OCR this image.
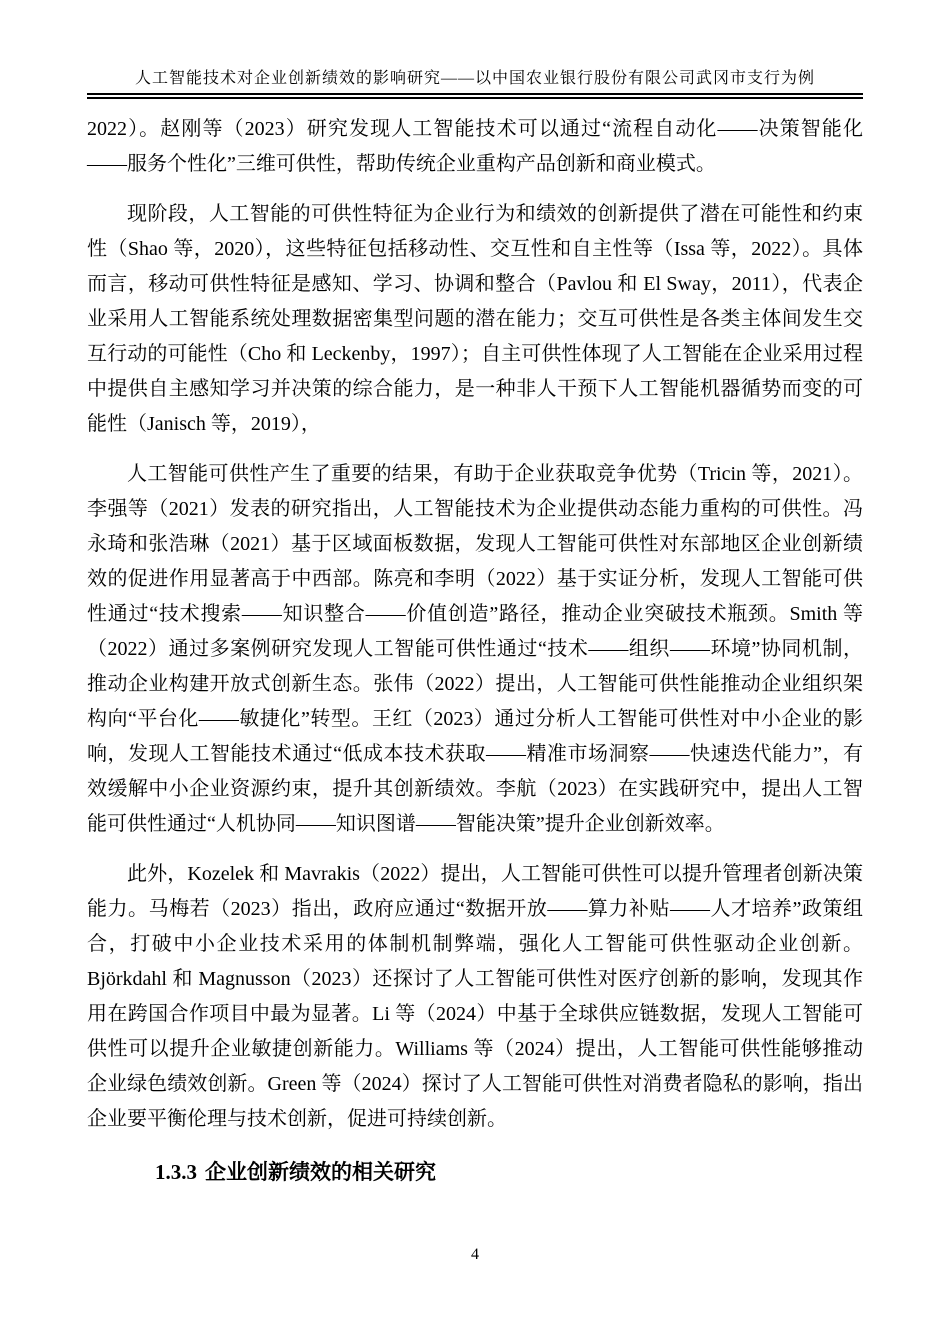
人工智能技术对企业创新绩效的影响研究——以中国农业银行股份有限公司武冈市支行为例

2022）。赵刚等（2023）研究发现人工智能技术可以通过“流程自动化——决策智能化——服务个性化”三维可供性，帮助传统企业重构产品创新和商业模式。

现阶段，人工智能的可供性特征为企业行为和绩效的创新提供了潜在可能性和约束性（Shao 等，2020），这些特征包括移动性、交互性和自主性等（Issa 等，2022）。具体而言，移动可供性特征是感知、学习、协调和整合（Pavlou 和 El Sway，2011），代表企业采用人工智能系统处理数据密集型问题的潜在能力；交互可供性是各类主体间发生交互行动的可能性（Cho 和 Leckenby，1997）；自主可供性体现了人工智能在企业采用过程中提供自主感知学习并决策的综合能力，是一种非人干预下人工智能机器循势而变的可能性（Janisch 等，2019），

人工智能可供性产生了重要的结果，有助于企业获取竞争优势（Tricin 等，2021）。李强等（2021）发表的研究指出，人工智能技术为企业提供动态能力重构的可供性。冯永琦和张浩琳（2021）基于区域面板数据，发现人工智能可供性对东部地区企业创新绩效的促进作用显著高于中西部。陈亮和李明（2022）基于实证分析，发现人工智能可供性通过“技术搜索——知识整合——价值创造”路径，推动企业突破技术瓶颈。Smith 等（2022）通过多案例研究发现人工智能可供性通过“技术——组织——环境”协同机制，推动企业构建开放式创新生态。张伟（2022）提出，人工智能可供性能推动企业组织架构向“平台化——敏捷化”转型。王红（2023）通过分析人工智能可供性对中小企业的影响，发现人工智能技术通过“低成本技术获取——精准市场洞察——快速迭代能力”，有效缓解中小企业资源约束，提升其创新绩效。李航（2023）在实践研究中，提出人工智能可供性通过“人机协同——知识图谱——智能决策”提升企业创新效率。

此外，Kozelek 和 Mavrakis（2022）提出，人工智能可供性可以提升管理者创新决策能力。马梅若（2023）指出，政府应通过“数据开放——算力补贴——人才培养”政策组合，打破中小企业技术采用的体制机制弊端，强化人工智能可供性驱动企业创新。Björkdahl 和 Magnusson（2023）还探讨了人工智能可供性对医疗创新的影响，发现其作用在跨国合作项目中最为显著。Li 等（2024）中基于全球供应链数据，发现人工智能可供性可以提升企业敏捷创新能力。Williams 等（2024）提出，人工智能可供性能够推动企业绿色绩效创新。Green 等（2024）探讨了人工智能可供性对消费者隐私的影响，指出企业要平衡伦理与技术创新，促进可持续创新。

1.3.3 企业创新绩效的相关研究
4
